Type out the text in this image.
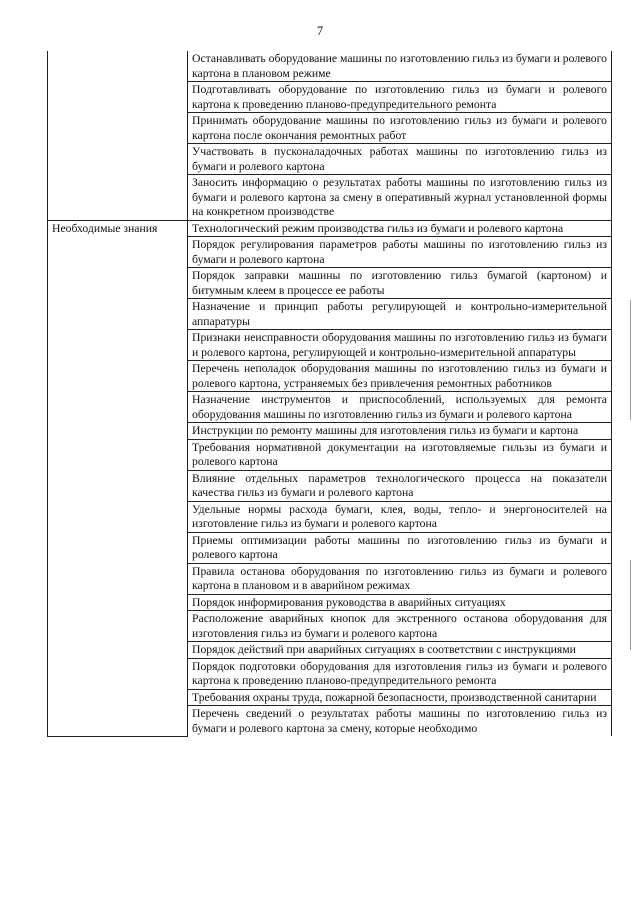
7
	Останавливать оборудование машины по изготовлению гильз из бумаги и ролевого картона в плановом режиме
	Подготавливать оборудование по изготовлению гильз из бумаги и ролевого картона к проведению планово-предупредительного ремонта
	Принимать оборудование машины по изготовлению гильз из бумаги и ролевого картона после окончания ремонтных работ
	Участвовать в пусконаладочных работах машины по изготовлению гильз из бумаги и ролевого картона
	Заносить информацию о результатах работы машины по изготовлению гильз из бумаги и ролевого картона за смену в оперативный журнал установленной формы на конкретном производстве
Необходимые знания	Технологический режим производства гильз из бумаги и ролевого картона
	Порядок регулирования параметров работы машины по изготовлению гильз из бумаги и ролевого картона
	Порядок заправки машины по изготовлению гильз бумагой (картоном) и битумным клеем в процессе ее работы
	Назначение и принцип работы регулирующей и контрольно-измерительной аппаратуры
	Признаки неисправности оборудования машины по изготовлению гильз из бумаги и ролевого картона, регулирующей и контрольно-измерительной аппаратуры
	Перечень неполадок оборудования машины по изготовлению гильз из бумаги и ролевого картона, устраняемых без привлечения ремонтных работников
	Назначение инструментов и приспособлений, используемых для ремонта оборудования машины по изготовлению гильз из бумаги и ролевого картона
	Инструкции по ремонту машины для изготовления гильз из бумаги и картона
	Требования нормативной документации на изготовляемые гильзы из бумаги и ролевого картона
	Влияние отдельных параметров технологического процесса на показатели качества гильз из бумаги и ролевого картона
	Удельные нормы расхода бумаги, клея, воды, тепло- и энергоносителей на изготовление гильз из бумаги и ролевого картона
	Приемы оптимизации работы машины по изготовлению гильз из бумаги и ролевого картона
	Правила останова оборудования по изготовлению гильз из бумаги и ролевого картона в плановом и в аварийном режимах
	Порядок информирования руководства в аварийных ситуациях
	Расположение аварийных кнопок для экстренного останова оборудования для изготовления гильз из бумаги и ролевого картона
	Порядок действий при аварийных ситуациях в соответствии с инструкциями
	Порядок подготовки оборудования для изготовления гильз из бумаги и ролевого картона к проведению планово-предупредительного ремонта
	Требования охраны труда, пожарной безопасности, производственной санитарии
	Перечень сведений о результатах работы машины по изготовлению гильз из бумаги и ролевого картона за смену, которые необходимо
